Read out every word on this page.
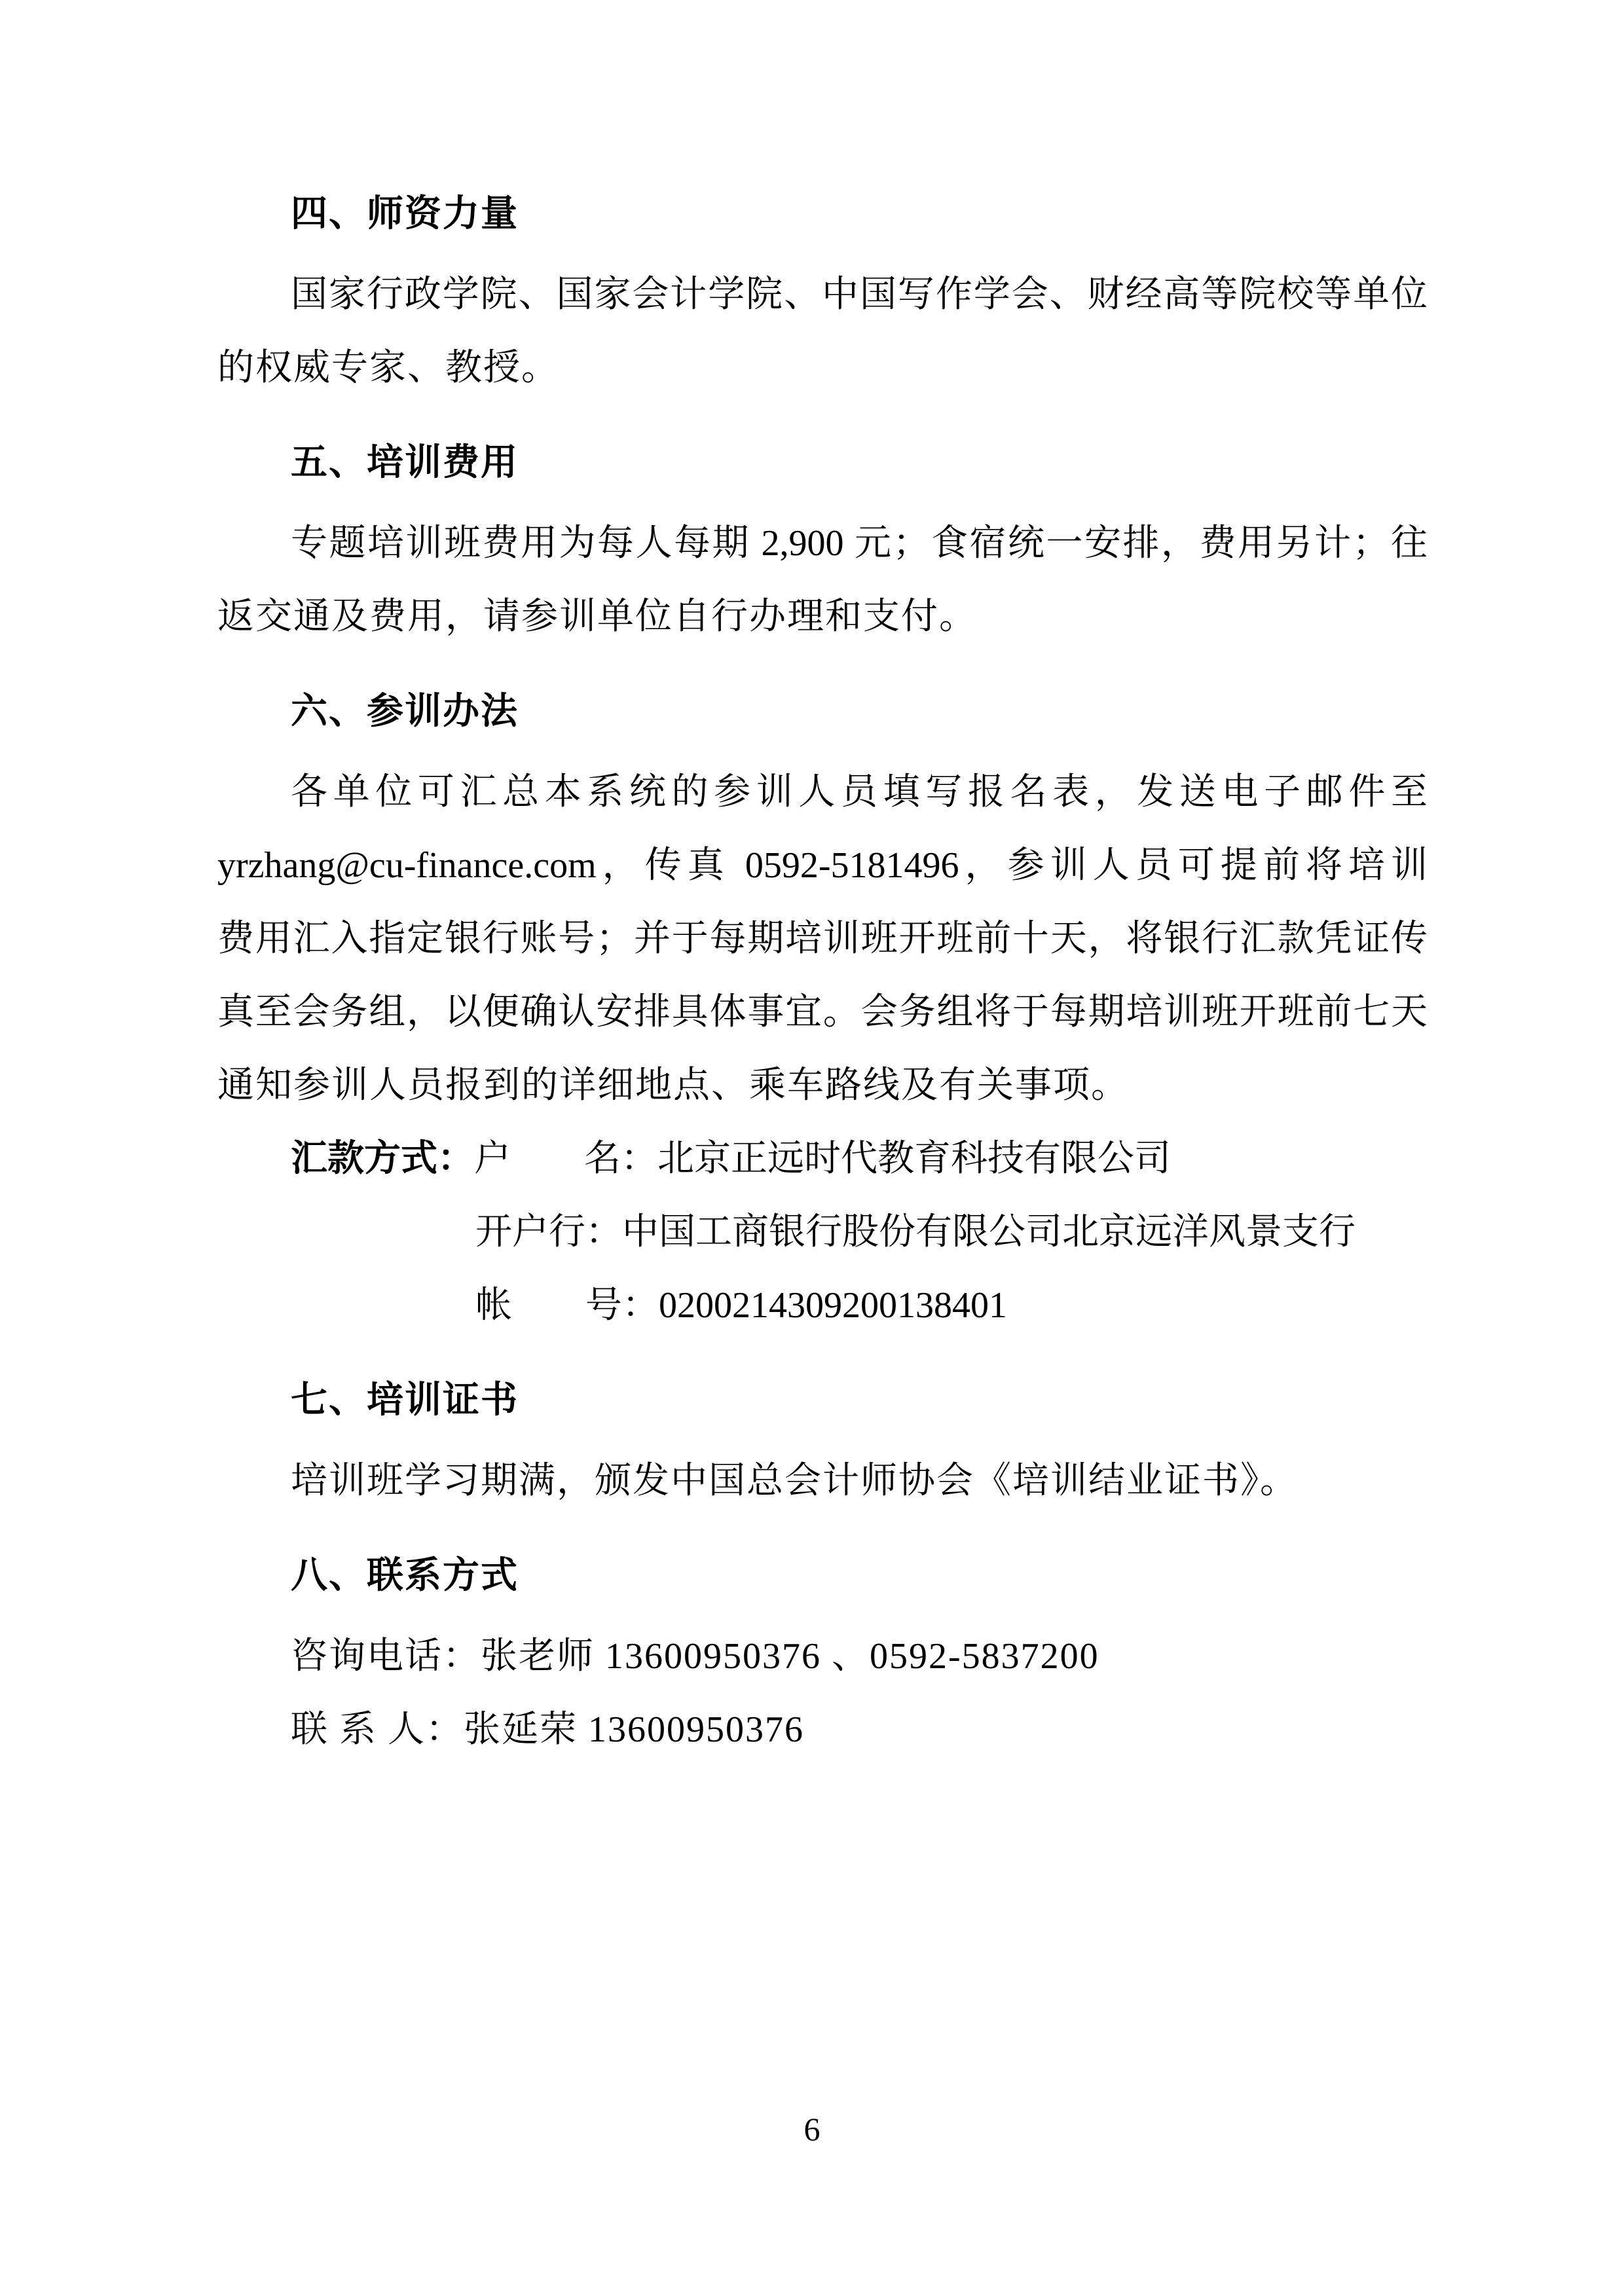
四、师资力量
国家行政学院、国家会计学院、中国写作学会、财经高等院校等单位
的权威专家、教授。
五、培训费用
专题培训班费用为每人每期 2,900 元；食宿统一安排，费用另计；往
返交通及费用，请参训单位自行办理和支付。
六、参训办法
各单位可汇总本系统的参训人员填写报名表，发送电子邮件至
yrzhang@cu-finance.com，传真 0592-5181496，参训人员可提前将培训
费用汇入指定银行账号；并于每期培训班开班前十天，将银行汇款凭证传
真至会务组，以便确认安排具体事宜。会务组将于每期培训班开班前七天
通知参训人员报到的详细地点、乘车路线及有关事项。
汇款方式：户　　名：北京正远时代教育科技有限公司
开户行：中国工商银行股份有限公司北京远洋风景支行
帐　　号：0200214309200138401
七、培训证书
培训班学习期满，颁发中国总会计师协会《培训结业证书》。
八、联系方式
咨询电话：张老师 13600950376 、0592-5837200
联 系 人：张延荣 13600950376
6
